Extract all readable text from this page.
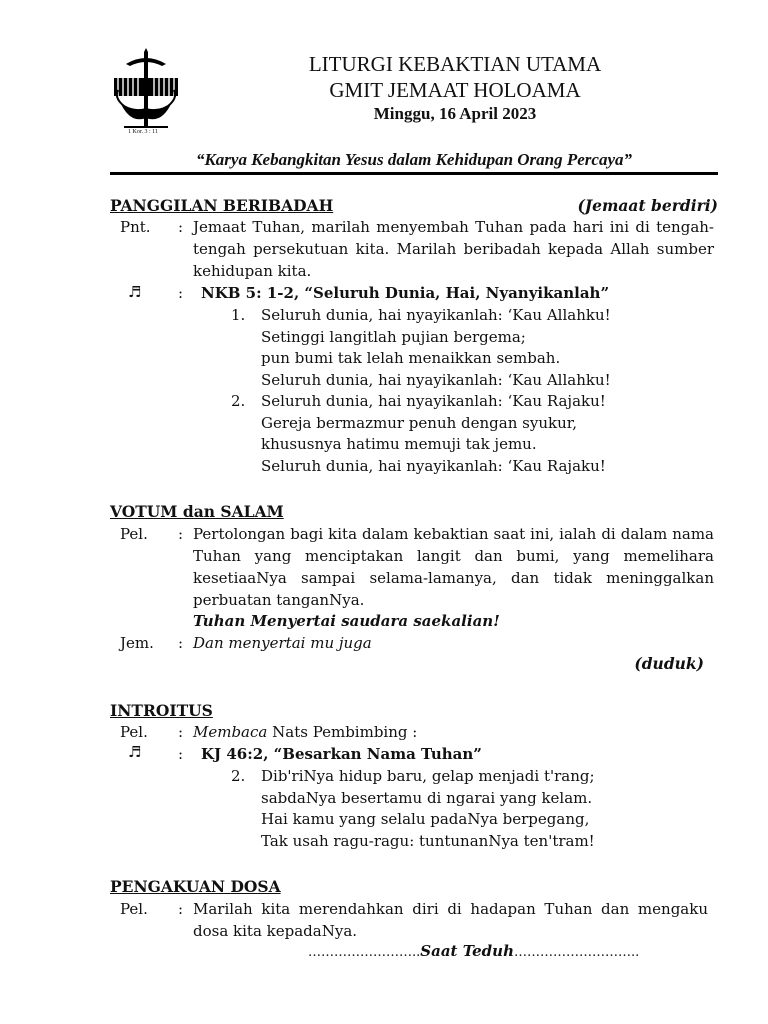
1 Kor. 3 : 11
LITURGI KEBAKTIAN UTAMA
GMIT JEMAAT HOLOAMA
Minggu, 16 April 2023
“Karya Kebangkitan Yesus dalam Kehidupan Orang Percaya”
PANGGILAN BERIBADAH	(Jemaat berdiri)
Pnt. : Jemaat Tuhan, marilah menyembah Tuhan pada hari ini di tengah-tengah persekutuan kita. Marilah beribadah kepada Allah sumber kehidupan kita.
♬ : NKB 5: 1-2, “Seluruh Dunia, Hai, Nyanyikanlah”
1. Seluruh dunia, hai nyayikanlah: ‘Kau Allahku!
Setinggi langitlah pujian bergema;
pun bumi tak lelah menaikkan sembah.
Seluruh dunia, hai nyayikanlah: ‘Kau Allahku!
2. Seluruh dunia, hai nyayikanlah: ‘Kau Rajaku!
Gereja bermazmur penuh dengan syukur,
khususnya hatimu memuji tak jemu.
Seluruh dunia, hai nyayikanlah: ‘Kau Rajaku!
VOTUM dan SALAM
Pel. : Pertolongan bagi kita dalam kebaktian saat ini, ialah di dalam nama Tuhan yang menciptakan langit dan bumi, yang memelihara kesetiaaNya sampai selama-lamanya, dan tidak meninggalkan perbuatan tanganNya.
Tuhan Menyertai saudara saekalian!
Jem. : Dan menyertai mu juga
(duduk)
INTROITUS
Pel. : Membaca Nats Pembimbing :
♬ : KJ 46:2, “Besarkan Nama Tuhan”
2. Dib'riNya hidup baru, gelap menjadi t'rang;
sabdaNya besertamu di ngarai yang kelam.
Hai kamu yang selalu padaNya berpegang,
Tak usah ragu-ragu: tuntunanNya ten'tram!
PENGAKUAN DOSA
Pel. : Marilah kita merendahkan diri di hadapan Tuhan dan mengaku dosa kita kepadaNya.
……………………..Saat Teduh………………………..
